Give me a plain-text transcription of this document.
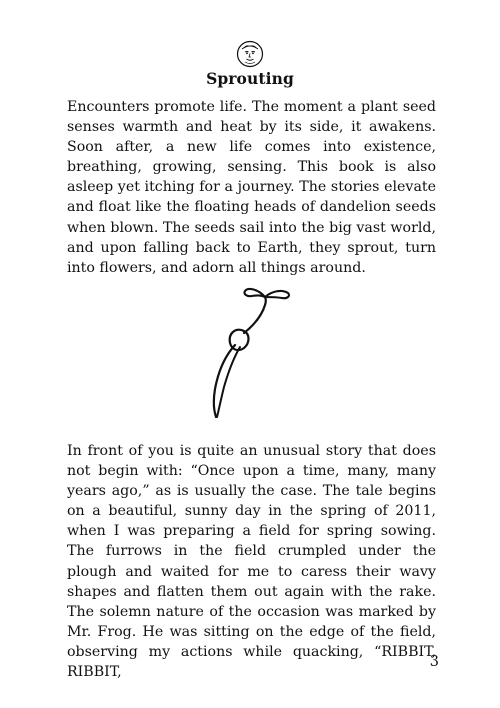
Sprouting

Encounters promote life. The moment a plant seed senses warmth and heat by its side, it awakens. Soon after, a new life comes into existence, breathing, growing, sensing. This book is also asleep yet itching for a journey. The stories elevate and float like the floating heads of dandelion seeds when blown. The seeds sail into the big vast world, and upon falling back to Earth, they sprout, turn into flowers, and adorn all things around.

In front of you is quite an unusual story that does not begin with: “Once upon a time, many, many years ago,” as is usually the case. The tale begins on a beautiful, sunny day in the spring of 2011, when I was preparing a field for spring sowing. The furrows in the field crumpled under the plough and waited for me to caress their wavy shapes and flatten them out again with the rake. The solemn nature of the occasion was marked by Mr. Frog. He was sitting on the edge of the field, observing my actions while quacking, “RIBBIT, RIBBIT,

3
